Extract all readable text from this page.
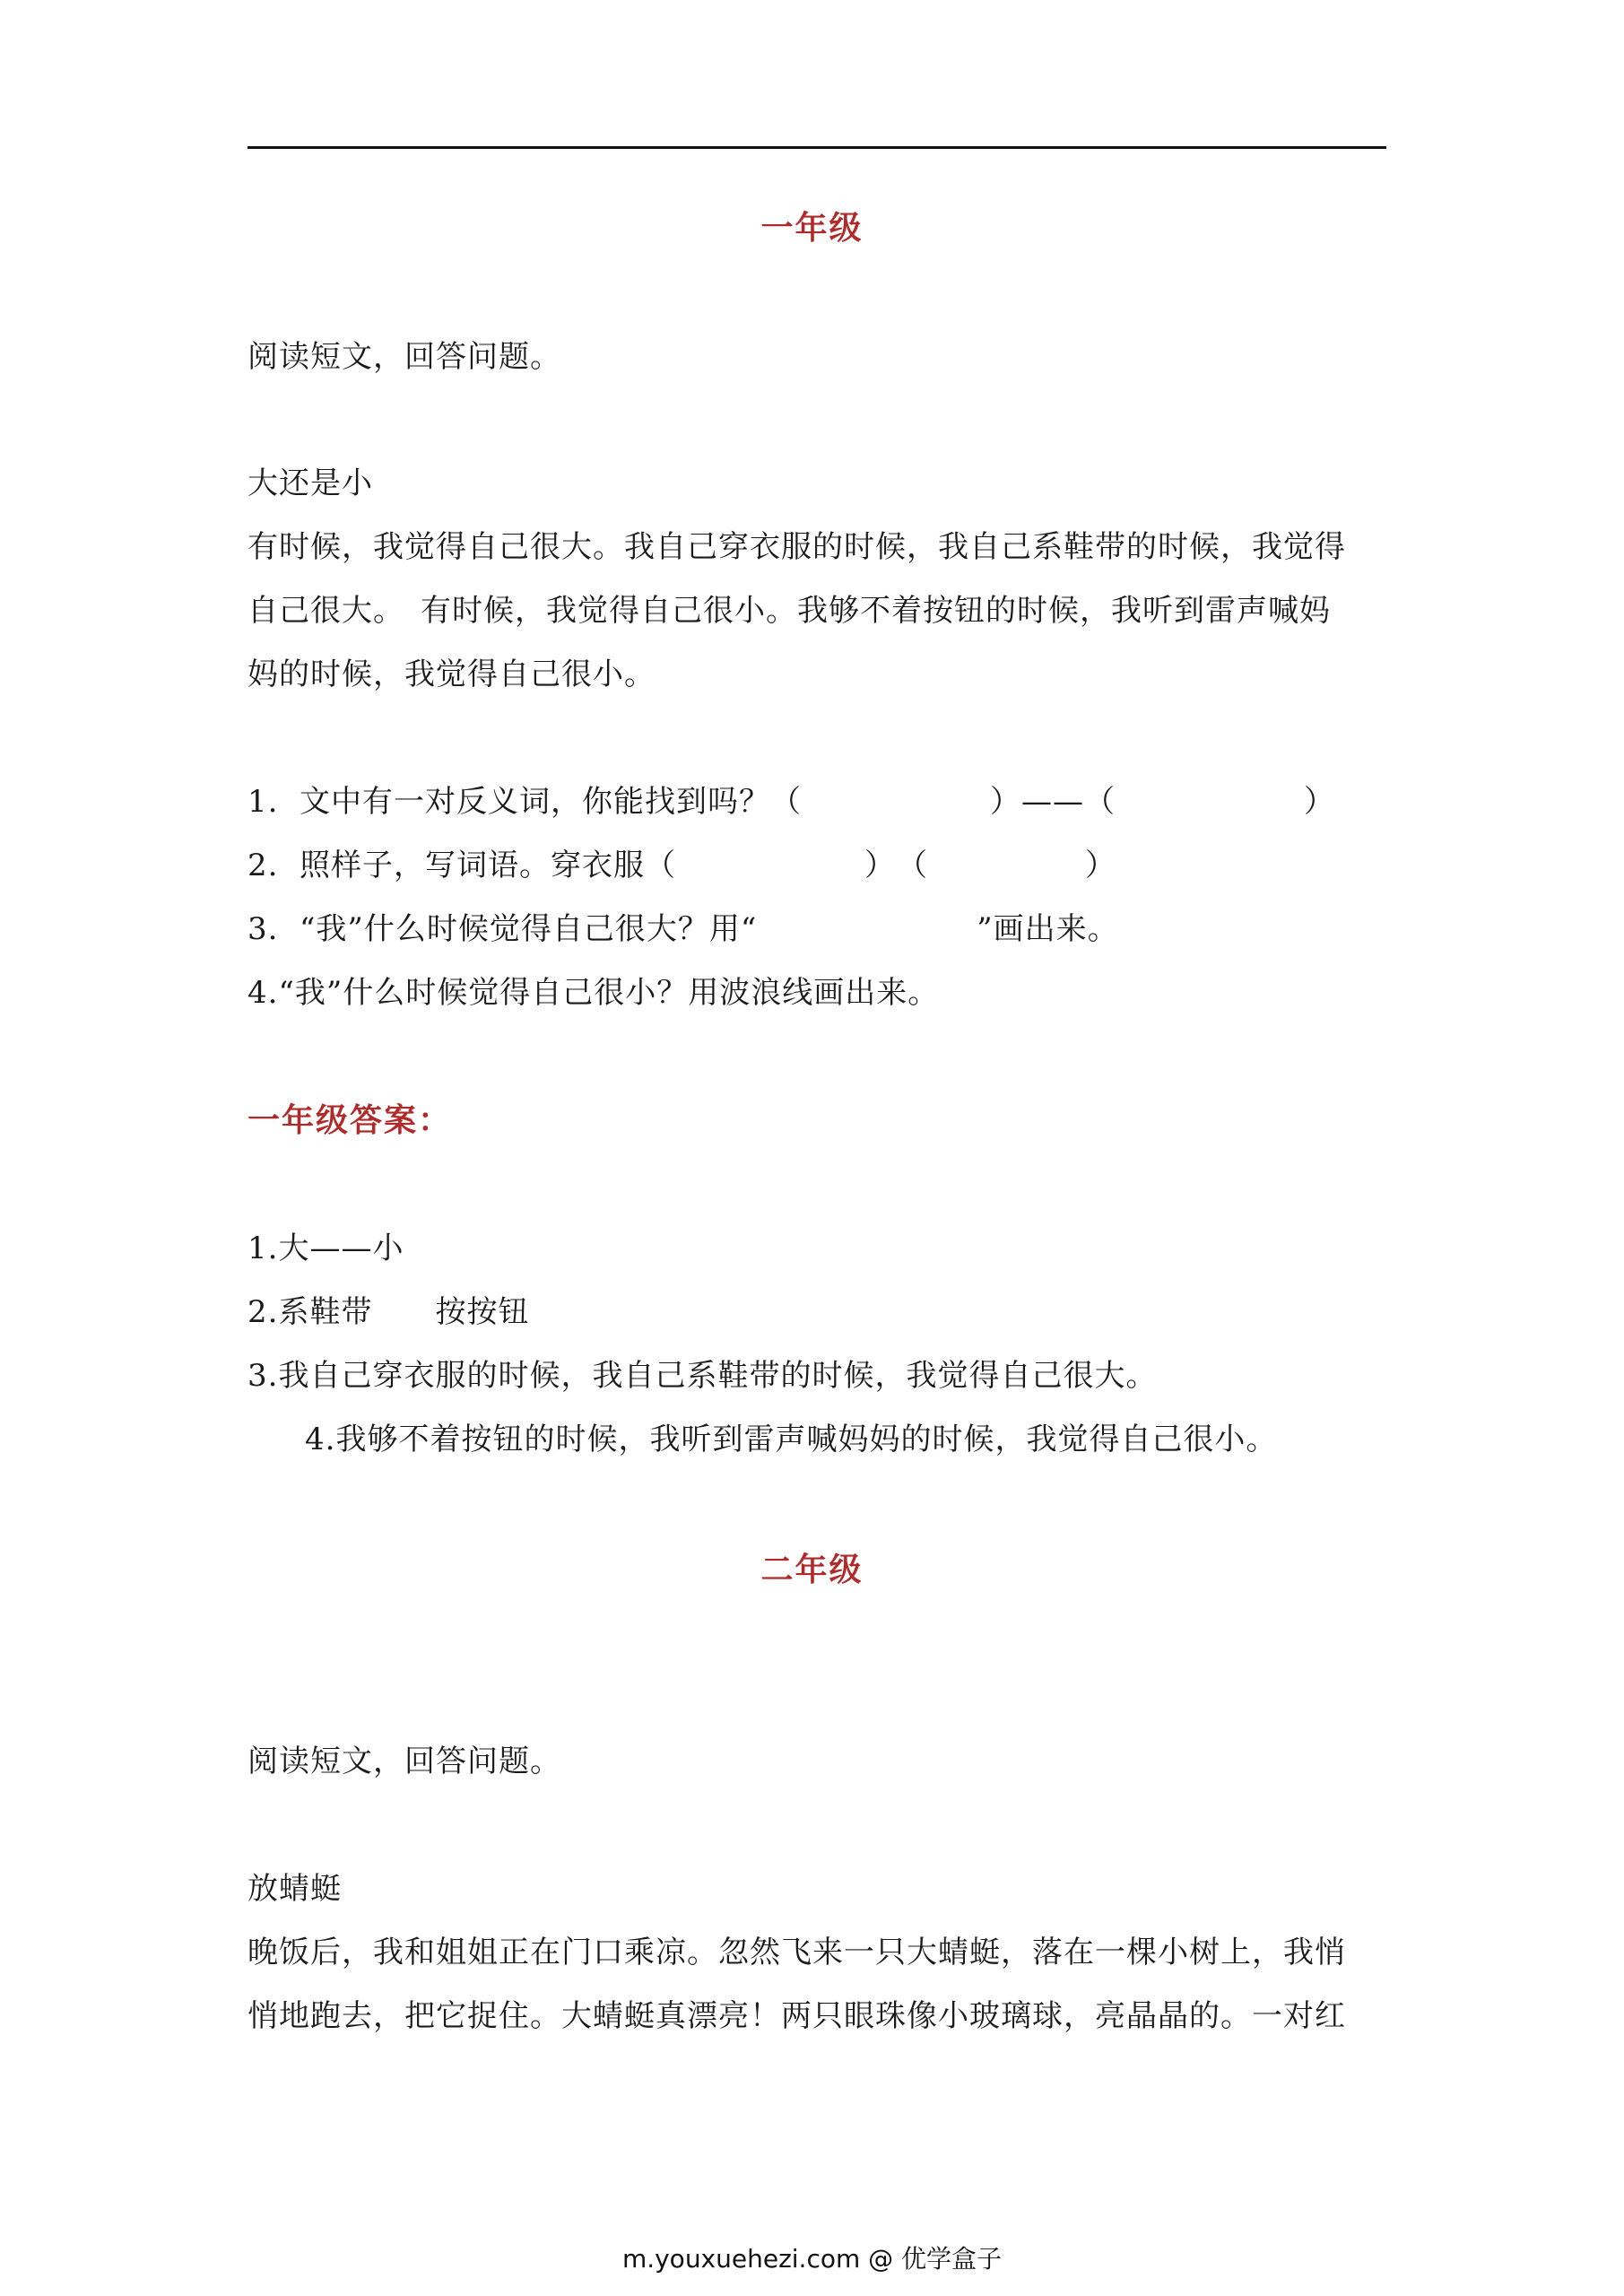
一年级
阅读短文，回答问题。
大还是小
有时候，我觉得自己很大。我自己穿衣服的时候，我自己系鞋带的时候，我觉得
自己很大。　有时候，我觉得自己很小。我够不着按钮的时候，我听到雷声喊妈
妈的时候，我觉得自己很小。
1.  文中有一对反义词，你能找到吗？（　　　　　　）——（　　　　　　）
2.  照样子，写词语。穿衣服（　　　　　　）　（　　　　　）
3.  “我”什么时候觉得自己很大？用“　　　　　　　”画出来。
4.“我”什么时候觉得自己很小？用波浪线画出来。
一年级答案：
1.大——小
2.系鞋带　　按按钮
3.我自己穿衣服的时候，我自己系鞋带的时候，我觉得自己很大。
4.我够不着按钮的时候，我听到雷声喊妈妈的时候，我觉得自己很小。
二年级
阅读短文，回答问题。
放蜻蜓
晚饭后，我和姐姐正在门口乘凉。忽然飞来一只大蜻蜓，落在一棵小树上，我悄
悄地跑去，把它捉住。大蜻蜓真漂亮！两只眼珠像小玻璃球，亮晶晶的。一对红
m.youxuehezi.com @ 优学盒子
